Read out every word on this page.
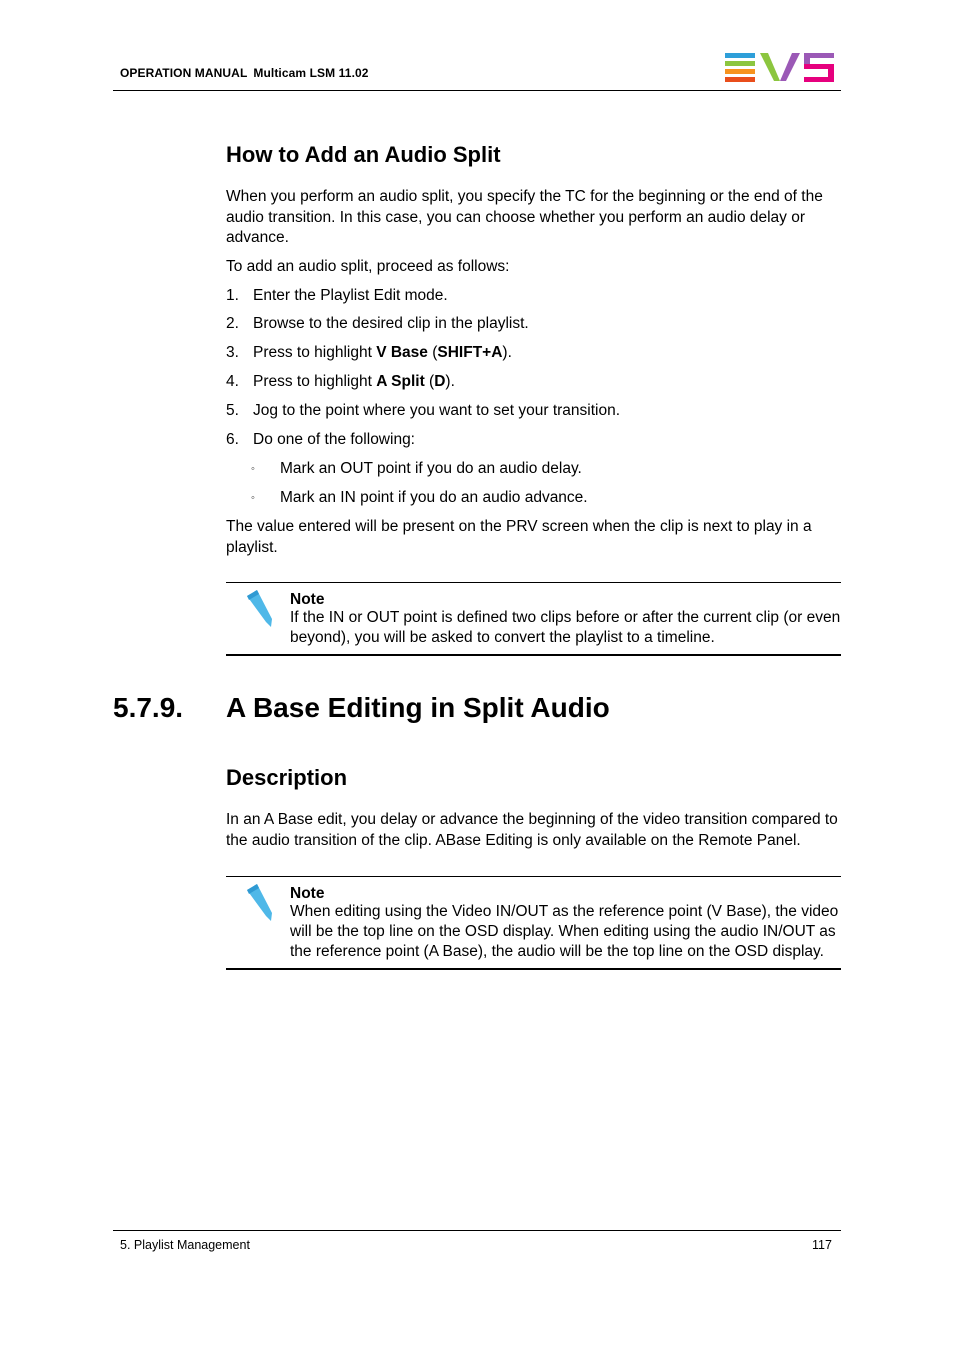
OPERATION MANUAL Multicam LSM 11.02
How to Add an Audio Split
When you perform an audio split, you specify the TC for the beginning or the end of the audio transition. In this case, you can choose whether you perform an audio delay or advance.
To add an audio split, proceed as follows:
1. Enter the Playlist Edit mode.
2. Browse to the desired clip in the playlist.
3. Press to highlight V Base (SHIFT+A).
4. Press to highlight A Split (D).
5. Jog to the point where you want to set your transition.
6. Do one of the following:
◦ Mark an OUT point if you do an audio delay.
◦ Mark an IN point if you do an audio advance.
The value entered will be present on the PRV screen when the clip is next to play in a playlist.
Note
If the IN or OUT point is defined two clips before or after the current clip (or even beyond), you will be asked to convert the playlist to a timeline.
5.7.9. A Base Editing in Split Audio
Description
In an A Base edit, you delay or advance the beginning of the video transition compared to the audio transition of the clip. ABase Editing is only available on the Remote Panel.
Note
When editing using the Video IN/OUT as the reference point (V Base), the video will be the top line on the OSD display. When editing using the audio IN/OUT as the reference point (A Base), the audio will be the top line on the OSD display.
5. Playlist Management	117
